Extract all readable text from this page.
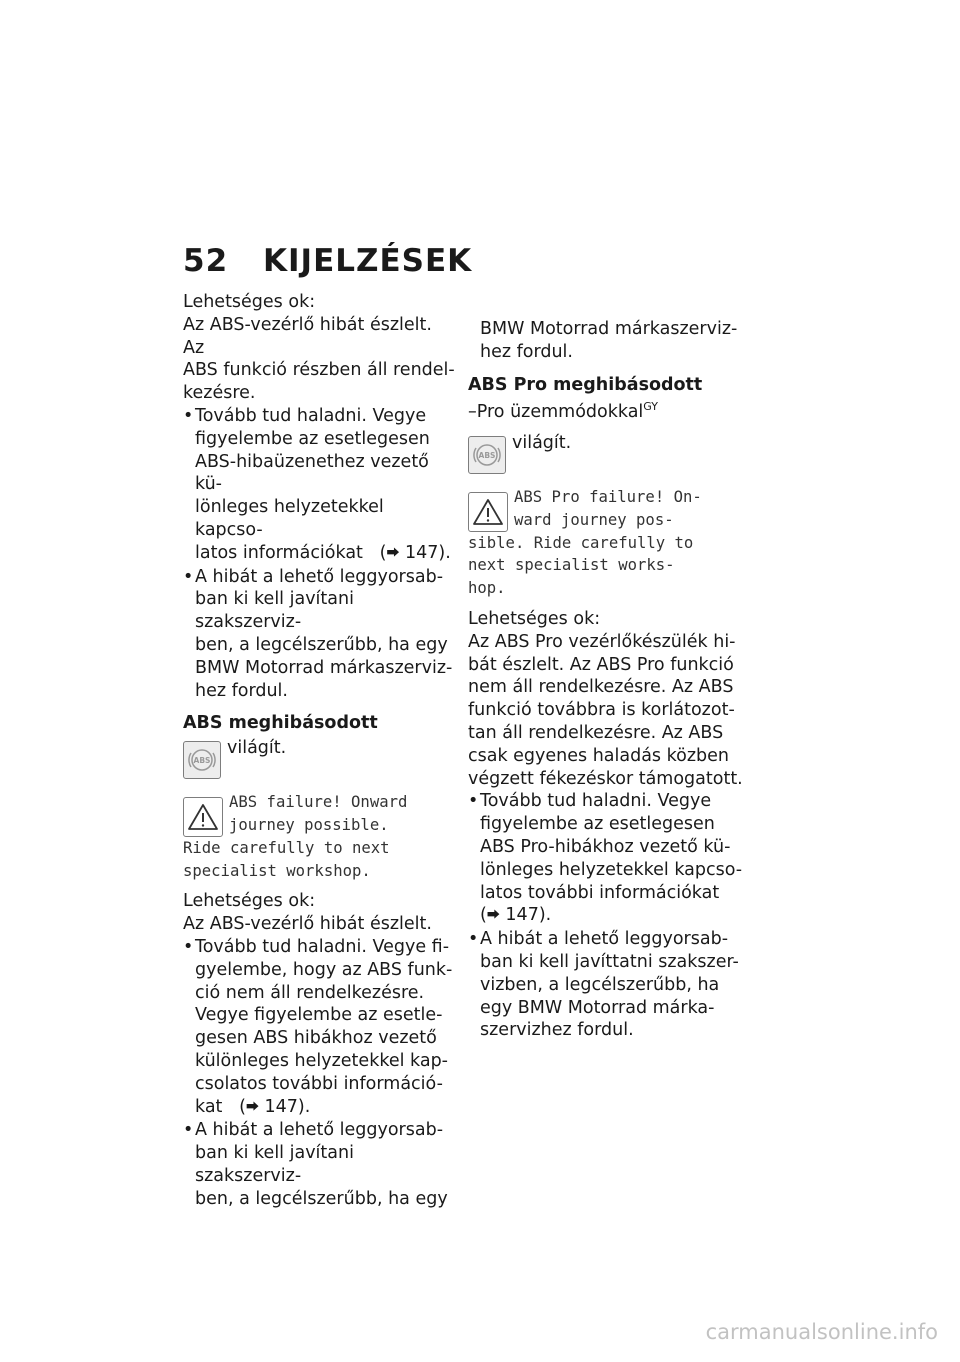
52 KIJELZÉSEK

Lehetséges ok:

Az ABS-vezérlő hibát észlelt. Az

ABS funkció részben áll rendel-

kezésre.

• Tovább tud haladni. Vegye
figyelembe az esetlegesen
ABS-hibaüzenethez vezető kü-
lönleges helyzetekkel kapcso-
latos információkat   (⮕ 147).
• A hibát a lehető leggyorsab-
ban ki kell javítani szakszerviz-
ben, a legcélszerűbb, ha egy
BMW Motorrad márkaszerviz-
hez fordul.

ABS meghibásodott

ABS
világít.
ABS failure! Onward
journey possible.
Ride carefully to next
specialist workshop.

Lehetséges ok:

Az ABS-vezérlő hibát észlelt.

• Tovább tud haladni. Vegye fi-
gyelembe, hogy az ABS funk-
ció nem áll rendelkezésre.
Vegye figyelembe az esetle-
gesen ABS hibákhoz vezető
különleges helyzetekkel kap-
csolatos további információ-
kat   (⮕ 147).
• A hibát a lehető leggyorsab-
ban ki kell javítani szakszerviz-
ben, a legcélszerűbb, ha egy
BMW Motorrad márkaszerviz-
hez fordul.

ABS Pro meghibásodott

–Pro üzemmódokkal$^{GY}$

ABS
világít.
ABS Pro failure! On-
ward journey pos-
sible. Ride carefully to
next specialist works-
hop.

Lehetséges ok:

Az ABS Pro vezérlőkészülék hi-

bát észlelt. Az ABS Pro funkció

nem áll rendelkezésre. Az ABS

funkció továbbra is korlátozot-

tan áll rendelkezésre. Az ABS

csak egyenes haladás közben

végzett fékezéskor támogatott.

• Tovább tud haladni. Vegye
figyelembe az esetlegesen
ABS Pro-hibákhoz vezető kü-
lönleges helyzetekkel kapcso-
latos további információkat
(⮕ 147).
• A hibát a lehető leggyorsab-
ban ki kell javíttatni szakszer-
vizben, a legcélszerűbb, ha
egy BMW Motorrad márka-
szervizhez fordul.
carmanualsonline.info
